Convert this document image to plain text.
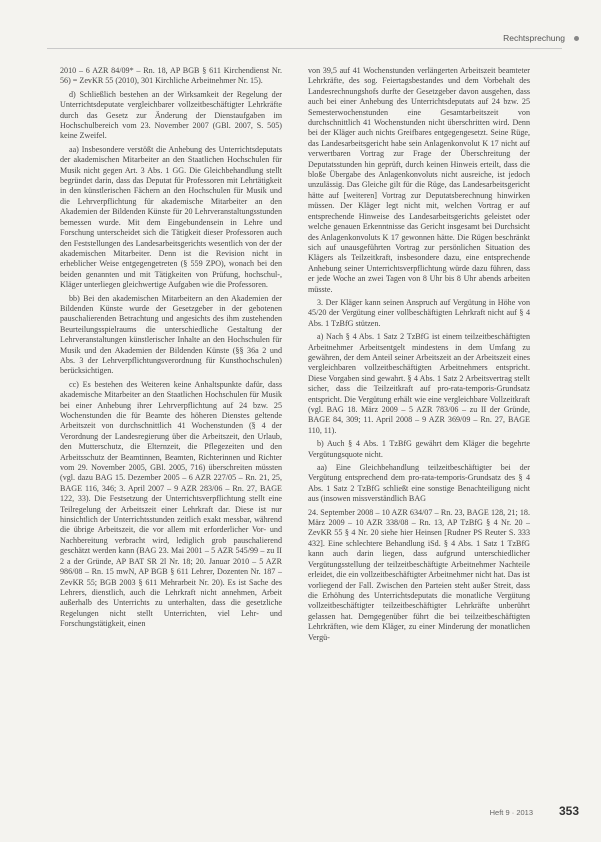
Rechtsprechung

2010 – 6 AZR 84/09* – Rn. 18, AP BGB § 611 Kirchendienst Nr. 56) = ZevKR 55 (2010), 301 Kirchliche Arbeitnehmer Nr. 15).

d) Schließlich bestehen an der Wirksamkeit der Regelung der Unterrichtsdeputate vergleichbarer vollzeitbeschäftigter Lehrkräfte durch das Gesetz zur Änderung der Dienstaufgaben im Hochschulbereich vom 23. November 2007 (GBl. 2007, S. 505) keine Zweifel.

aa) Insbesondere verstößt die Anhebung des Unterrichtsdeputats der akademischen Mitarbeiter an den Staatlichen Hochschulen für Musik nicht gegen Art. 3 Abs. 1 GG. Die Gleichbehandlung stellt begründet darin, dass das Deputat für Professoren mit Lehrtätigkeit in den künstlerischen Fächern an den Hochschulen für Musik und die Lehrverpflichtung für akademische Mitarbeiter an den Akademien der Bildenden Künste für 20 Lehrveranstaltungsstunden bemessen wurde. Mit dem Eingebundensein in Lehre und Forschung unterscheidet sich die Tätigkeit dieser Professoren auch den Feststellungen des Landesarbeitsgerichts wesentlich von der der akademischen Mitarbeiter. Denn ist die Revision nicht in erheblicher Weise entgegengetreten (§ 559 ZPO), wonach bei den beiden genannten und mit Tätigkeiten von Prüfung, hochschul-, Kläger unterliegen gleichwertige Aufgaben wie die Professoren.

bb) Bei den akademischen Mitarbeitern an den Akademien der Bildenden Künste wurde der Gesetzgeber in der gebotenen pauschalierenden Betrachtung und angesichts des ihm zustehenden Beurteilungsspielraums die unterschiedliche Gestaltung der Lehrveranstaltungen künstlerischer Inhalte an den Hochschulen für Musik und den Akademien der Bildenden Künste (§§ 36a 2 und Abs. 3 der Lehrverpflichtungsverordnung für Kunsthochschulen) berücksichtigen.

cc) Es bestehen des Weiteren keine Anhaltspunkte dafür, dass akademische Mitarbeiter an den Staatlichen Hochschulen für Musik bei einer Anhebung ihrer Lehrverpflichtung auf 24 bzw. 25 Wochenstunden die für Beamte des höheren Dienstes geltende Arbeitszeit von durchschnittlich 41 Wochenstunden (§ 4 der Verordnung der Landesregierung über die Arbeitszeit, den Urlaub, den Mutterschutz, die Elternzeit, die Pflegezeiten und den Arbeitsschutz der Beamtinnen, Beamten, Richterinnen und Richter vom 29. November 2005, GBl. 2005, 716) überschreiten müssten (vgl. dazu BAG 15. Dezember 2005 – 6 AZR 227/05 – Rn. 21, 25, BAGE 116, 346; 3. April 2007 – 9 AZR 283/06 – Rn. 27, BAGE 122, 33). Die Festsetzung der Unterrichtsverpflichtung stellt eine Teilregelung der Arbeitszeit einer Lehrkraft dar. Diese ist nur hinsichtlich der Unterrichtsstunden zeitlich exakt messbar, während die übrige Arbeitszeit, die vor allem mit erforderlicher Vor- und Nachbereitung verbracht wird, lediglich grob pauschalierend geschätzt werden kann (BAG 23. Mai 2001 – 5 AZR 545/99 – zu II 2 a der Gründe, AP BAT SR 2l Nr. 18; 20. Januar 2010 – 5 AZR 986/08 – Rn. 15 mwN, AP BGB § 611 Lehrer, Dozenten Nr. 187 – ZevKR 55; BGB 2003 § 611 Mehrarbeit Nr. 20). Es ist Sache des Lehrers, dienstlich, auch die Lehrkraft nicht annehmen, Arbeit außerhalb des Unterrichts zu unterhalten, dass die gesetzliche Regelungen nicht stellt Unterrichten, viel Lehr- und Forschungstätigkeit, einen

von 39,5 auf 41 Wochenstunden verlängerten Arbeitszeit beamteter Lehrkräfte, des sog. Feiertagsbestandes und dem Vorbehalt des Landesrechnungshofs durfte der Gesetzgeber davon ausgehen, dass auch bei einer Anhebung des Unterrichtsdeputats auf 24 bzw. 25 Semesterwochenstunden eine Gesamtarbeitszeit von durchschnittlich 41 Wochenstunden nicht überschritten wird. Denn bei der Kläger auch nichts Greifbares entgegengesetzt. Seine Rüge, das Landesarbeitsgericht habe sein Anlagenkonvolut K 17 nicht auf verwertbaren Vortrag zur Frage der Überschreitung der Deputatsstunden hin geprüft, durch keinen Hinweis erteilt, dass die bloße Übergabe des Anlagenkonvoluts nicht ausreiche, ist jedoch unzulässig. Das Gleiche gilt für die Rüge, das Landesarbeitsgericht hätte auf [weiteren] Vortrag zur Deputatsberechnung hinwirken müssen. Der Kläger legt nicht mit, welchen Vortrag er auf entsprechende Hinweise des Landesarbeitsgerichts geleistet oder welche genauen Erkenntnisse das Gericht insgesamt bei Durchsicht des Anlagenkonvoluts K 17 gewonnen hätte. Die Rügen beschränkt sich auf unausgeführten Vortrag zur persönlichen Situation des Klägers als Teilzeitkraft, insbesondere dazu, eine entsprechende Anhebung seiner Unterrichtsverpflichtung würde dazu führen, dass er jede Woche an zwei Tagen von 8 Uhr bis 8 Uhr abends arbeiten müsste.

3. Der Kläger kann seinen Anspruch auf Vergütung in Höhe von 45/20 der Vergütung einer vollbeschäftigten Lehrkraft nicht auf § 4 Abs. 1 TzBfG stützen.

a) Nach § 4 Abs. 1 Satz 2 TzBfG ist einem teilzeitbeschäftigten Arbeitnehmer Arbeitsentgelt mindestens in dem Umfang zu gewähren, der dem Anteil seiner Arbeitszeit an der Arbeitszeit eines vergleichbaren vollzeitbeschäftigten Arbeitnehmers entspricht. Diese Vorgaben sind gewahrt. § 4 Abs. 1 Satz 2 Arbeitsvertrag stellt sicher, dass die Teilzeitkraft auf pro-rata-temporis-Grundsatz entspricht. Die Vergütung erhält wie eine vergleichbare Vollzeitkraft (vgl. BAG 18. März 2009 – 5 AZR 783/06 – zu II der Gründe, BAGE 84, 309; 11. April 2008 – 9 AZR 369/09 – Rn. 27, BAGE 110, 11).

b) Auch § 4 Abs. 1 TzBfG gewährt dem Kläger die begehrte Vergütungsquote nicht.

aa) Eine Gleichbehandlung teilzeitbeschäftigter bei der Vergütung entsprechend dem pro-rata-temporis-Grundsatz des § 4 Abs. 1 Satz 2 TzBfG schließt eine sonstige Benachteiligung nicht aus (insowen missverständlich BAG

24. September 2008 – 10 AZR 634/07 – Rn. 23, BAGE 128, 21; 18. März 2009 – 10 AZR 338/08 – Rn. 13, AP TzBfG § 4 Nr. 20 – ZevKR 55 § 4 Nr. 20 siehe hier Heinsen [Rudner PS Reuter S. 333 432]. Eine schlechtere Behandlung iSd. § 4 Abs. 1 Satz 1 TzBfG kann auch darin liegen, dass aufgrund unterschiedlicher Vergütungsstellung der teilzeitbeschäftigte Arbeitnehmer Nachteile erleidet, die ein vollzeitbeschäftigter Arbeitnehmer nicht hat. Das ist vorliegend der Fall. Zwischen den Parteien steht außer Streit, dass die Erhöhung des Unterrichtsdeputats die monatliche Vergütung vollzeitbeschäftigter teilzeitbeschäftigter Lehrkräfte unberührt gelassen hat. Demgegenüber führt die bei teilzeitbeschäftigten Lehrkräften, wie dem Kläger, zu einer Minderung der monatlichen Vergü-

Heft 9 · 2013 353
